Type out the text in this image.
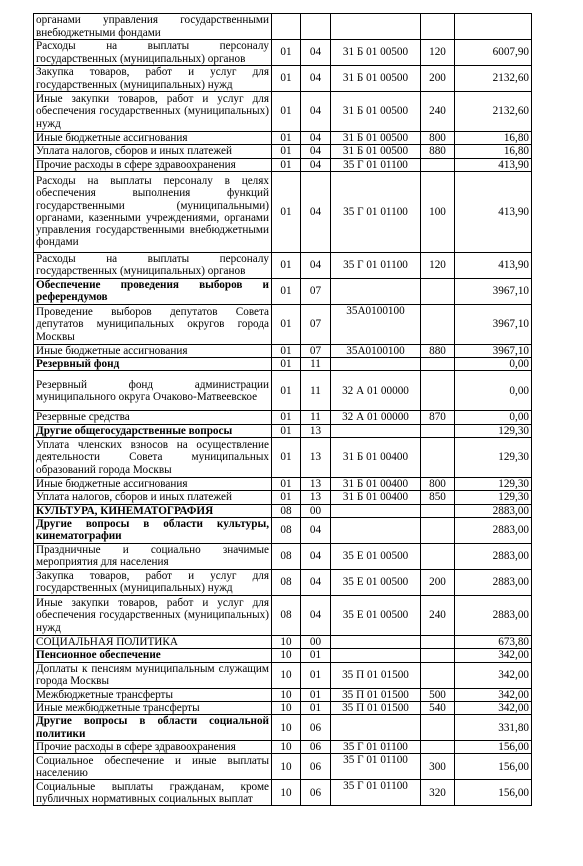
органами управления государственными внебюджетными фондами					
Расходы на выплаты персоналу государственных (муниципальных) органов	01	04	31 Б 01 00500	120	6007,90
Закупка товаров, работ и услуг для государственных (муниципальных) нужд	01	04	31 Б 01 00500	200	2132,60
Иные закупки товаров, работ и услуг для обеспечения государственных (муниципальных) нужд	01	04	31 Б 01 00500	240	2132,60
Иные бюджетные ассигнования	01	04	31 Б 01 00500	800	16,80
Уплата налогов, сборов и иных платежей	01	04	31 Б 01 00500	880	16,80
Прочие расходы в сфере здравоохранения	01	04	35 Г 01 01100		413,90
Расходы на выплаты персоналу в целях обеспечения выполнения функций государственными (муниципальными) органами, казенными учреждениями, органами управления государственными внебюджетными фондами	01	04	35 Г 01 01100	100	413,90
Расходы на выплаты персоналу государственных (муниципальных) органов	01	04	35 Г 01 01100	120	413,90
Обеспечение проведения выборов и референдумов	01	07			3967,10
Проведение выборов депутатов Совета депутатов муниципальных округов города Москвы	01	07	35А0100100		3967,10
Иные бюджетные ассигнования	01	07	35А0100100	880	3967,10
Резервный фонд	01	11			0,00
Резервный фонд администрации муниципального округа Очаково-Матвеевское	01	11	32 А 01 00000		0,00
Резервные средства	01	11	32 А 01 00000	870	0,00
Другие общегосударственные вопросы	01	13			129,30
Уплата членских взносов на осуществление деятельности Совета муниципальных образований города Москвы	01	13	31 Б 01 00400		129,30
Иные бюджетные ассигнования	01	13	31 Б 01 00400	800	129,30
Уплата налогов, сборов и иных платежей	01	13	31 Б 01 00400	850	129,30
КУЛЬТУРА, КИНЕМАТОГРАФИЯ	08	00			2883,00
Другие вопросы в области культуры, кинематографии	08	04			2883,00
Праздничные и социально значимые мероприятия для населения	08	04	35 Е 01 00500		2883,00
Закупка товаров, работ и услуг для государственных (муниципальных) нужд	08	04	35 Е 01 00500	200	2883,00
Иные закупки товаров, работ и услуг для обеспечения государственных (муниципальных) нужд	08	04	35 Е 01 00500	240	2883,00
СОЦИАЛЬНАЯ ПОЛИТИКА	10	00			673,80
Пенсионное обеспечение	10	01			342,00
Доплаты к пенсиям муниципальным служащим города Москвы	10	01	35 П 01 01500		342,00
Межбюджетные трансферты	10	01	35 П 01 01500	500	342,00
Иные межбюджетные трансферты	10	01	35 П 01 01500	540	342,00
Другие вопросы в области социальной политики	10	06			331,80
Прочие расходы в сфере здравоохранения	10	06	35 Г 01 01100		156,00
Социальное обеспечение и иные выплаты населению	10	06	35 Г 01 01100	300	156,00
Социальные выплаты гражданам, кроме публичных нормативных социальных выплат	10	06	35 Г 01 01100	320	156,00
